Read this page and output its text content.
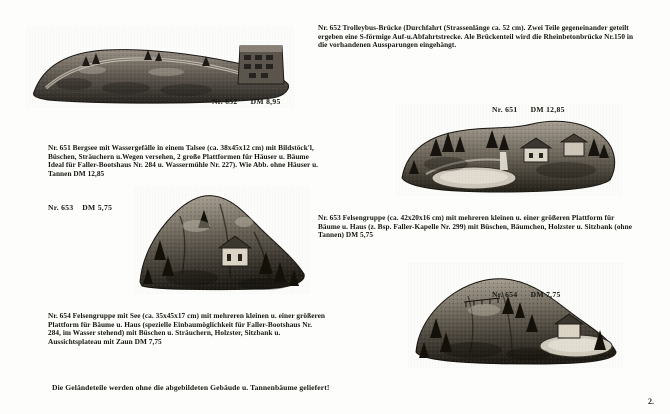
Nr. 652 Trolleybus-Brücke (Durchfahrt (Strassenlänge ca. 52 cm). Zwei Teile gegeneinander geteilt ergeben eine S-förmige Auf-u.Abfahrtstrecke. Ale Brückenteil wird die Rheinbetonbrücke Nr.150 in die vorhandenen Aussparungen eingehängt.
Nr. 652      DM 8,95
Nr. 651      DM 12,85
Nr. 651 Bergsee mit Wassergefälle in einem Talsee (ca. 38x45x12 cm) mit Bildstöck'l, Büschen, Sträuchern u.Wegen versehen, 2 große Plattformen für Häuser u. Bäume Ideal für Faller-Bootshaus Nr. 284 u. Wassermühle Nr. 227). Wie Abb. ohne Häuser u. Tannen DM 12,85
Nr. 653    DM 5,75
Nr. 653 Felsengruppe (ca. 42x20x16 cm) mit mehreren kleinen u. einer größeren Plattform für Bäume u. Haus (z. Bsp. Faller-Kapelle Nr. 299) mit Büschen, Bäumchen, Holzster u. Sitzbank (ohne Tannen) DM 5,75
Nr. 654      DM 7,75
Nr. 654 Felsengruppe mit See (ca. 35x45x17 cm) mit mehreren kleinen u. einer größeren Plattform für Bäume u. Haus (spezielle Einbaumöglichkeit für Faller-Bootshaus Nr. 284, im Wasser stehend) mit Büschen u. Sträuchern, Holzster, Sitzbank u. Aussichtsplateau mit Zaun DM 7,75
Die Geländeteile werden ohne die abgebildeten Gebäude u. Tannenbäume geliefert!
2.
